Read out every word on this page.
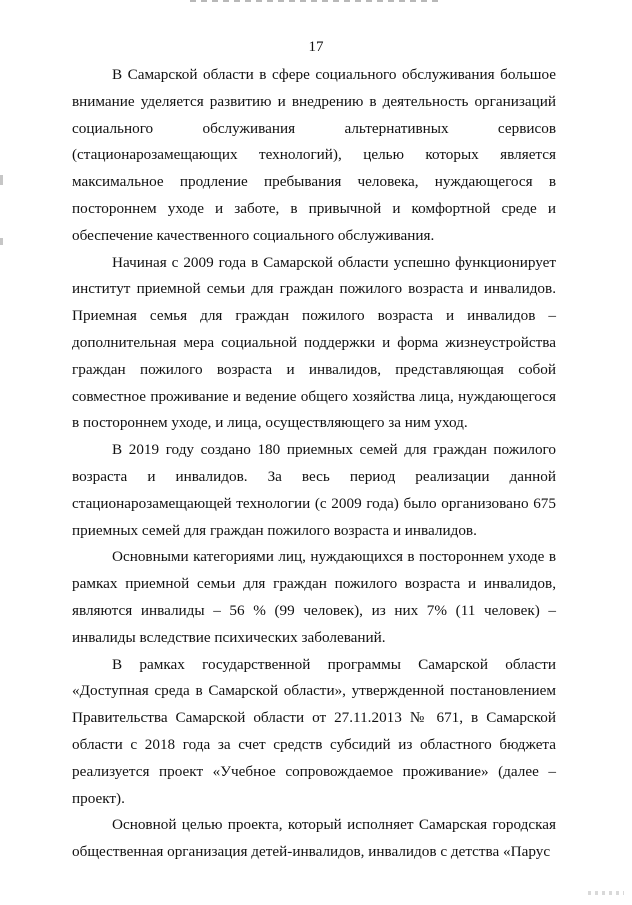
17

В Самарской области в сфере социального обслуживания большое внимание уделяется развитию и внедрению в деятельность организаций социального обслуживания альтернативных сервисов (стационарозамещающих технологий), целью которых является максимальное продление пребывания человека, нуждающегося в постороннем уходе и заботе, в привычной и комфортной среде и обеспечение качественного социального обслуживания.

Начиная с 2009 года в Самарской области успешно функционирует институт приемной семьи для граждан пожилого возраста и инвалидов. Приемная семья для граждан пожилого возраста и инвалидов – дополнительная мера социальной поддержки и форма жизнеустройства граждан пожилого возраста и инвалидов, представляющая собой совместное проживание и ведение общего хозяйства лица, нуждающегося в постороннем уходе, и лица, осуществляющего за ним уход.

В 2019 году создано 180 приемных семей для граждан пожилого возраста и инвалидов. За весь период реализации данной стационарозамещающей технологии (с 2009 года) было организовано 675 приемных семей для граждан пожилого возраста и инвалидов.

Основными категориями лиц, нуждающихся в постороннем уходе в рамках приемной семьи для граждан пожилого возраста и инвалидов, являются инвалиды – 56 % (99 человек), из них 7% (11 человек) – инвалиды вследствие психических заболеваний.

В рамках государственной программы Самарской области «Доступная среда в Самарской области», утвержденной постановлением Правительства Самарской области от 27.11.2013 № 671, в Самарской области с 2018 года за счет средств субсидий из областного бюджета реализуется проект «Учебное сопровождаемое проживание» (далее – проект).

Основной целью проекта, который исполняет Самарская городская общественная организация детей-инвалидов, инвалидов с детства «Парус
